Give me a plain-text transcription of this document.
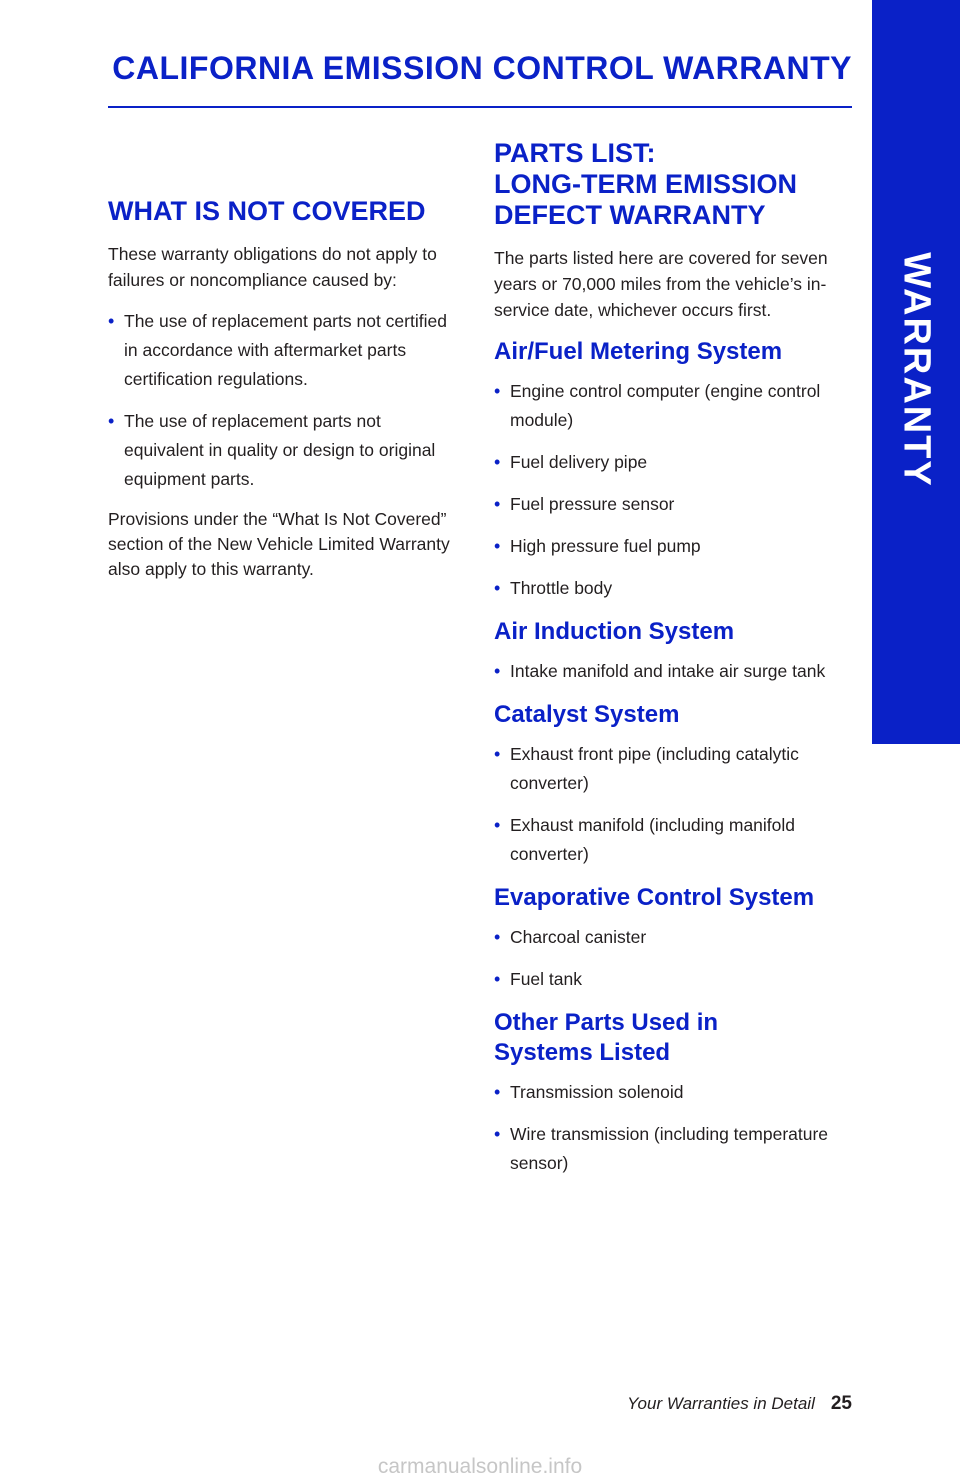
CALIFORNIA EMISSION CONTROL WARRANTY
WARRANTY
WHAT IS NOT COVERED

These warranty obligations do not apply to failures or noncompliance caused by:

• The use of replacement parts not certified in accordance with aftermarket parts certification regulations.
• The use of replacement parts not equivalent in quality or design to original equipment parts.

Provisions under the “What Is Not Covered” section of the New Vehicle Limited Warranty also apply to this warranty.

PARTS LIST:
LONG-TERM EMISSION
DEFECT WARRANTY

The parts listed here are covered for seven years or 70,000 miles from the vehicle’s in-service date, whichever occurs first.

Air/Fuel Metering System
• Engine control computer (engine control module)
• Fuel delivery pipe
• Fuel pressure sensor
• High pressure fuel pump
• Throttle body
Air Induction System
• Intake manifold and intake air surge tank
Catalyst System
• Exhaust front pipe (including catalytic converter)
• Exhaust manifold (including manifold converter)
Evaporative Control System
• Charcoal canister
• Fuel tank
Other Parts Used in Systems Listed
• Transmission solenoid
• Wire transmission (including temperature sensor)
Your Warranties in Detail 25
carmanualsonline.info
